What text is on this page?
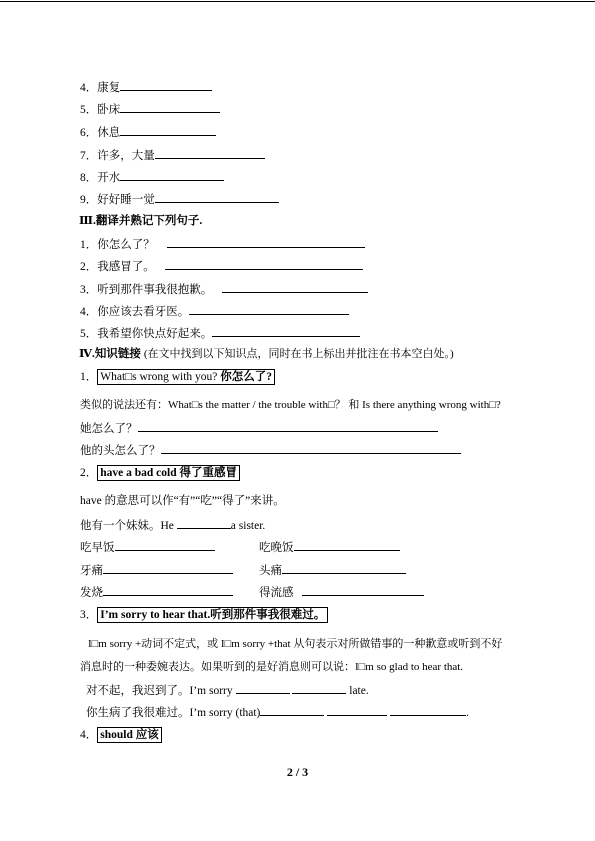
4．康复
5．卧床
6．休息
7．许多，大量
8．开水
9．好好睡一觉
Ⅲ.翻译并熟记下列句子.
1．你怎么了？
2．我感冒了。
3．听到那件事我很抱歉。
4．你应该去看牙医。
5．我希望你快点好起来。
Ⅳ.知识链接 (在文中找到以下知识点，同时在书上标出并批注在书本空白处。)
1． What□s wrong with you? 你怎么了?
类似的说法还有：What□s the matter / the trouble with□？ 和 Is there anything wrong with□?
她怎么了？
他的头怎么了？
2． have a bad cold 得了重感冒
have 的意思可以作“有”“吃”“得了”来讲。
他有一个妹妹。He	a sister.
吃早饭	吃晚饭
牙痛	头痛
发烧	得流感
3． I’m sorry to hear that.听到那件事我很难过。
I□m sorry +动词不定式，或 I□m sorry +that 从句表示对所做错事的一种歉意或听到不好
消息时的一种委婉表达。如果听到的是好消息则可以说：I□m so glad to hear that.
对不起，我迟到了。I’m sorry	late.
你生病了我很难过。I’m sorry (that)	.
4． should 应该
2 / 3
